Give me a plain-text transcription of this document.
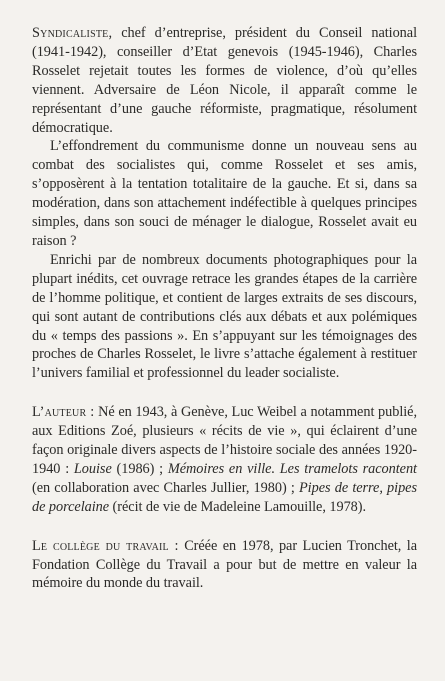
Syndicaliste, chef d’entreprise, président du Conseil national (1941-1942), conseiller d’Etat genevois (1945-1946), Charles Rosselet rejetait toutes les formes de violence, d’où qu’elles viennent. Adversaire de Léon Nicole, il apparaît comme le représentant d’une gauche réformiste, pragmatique, résolument démocratique.

L’effondrement du communisme donne un nouveau sens au combat des socialistes qui, comme Rosselet et ses amis, s’opposèrent à la tentation totalitaire de la gauche. Et si, dans sa modération, dans son attachement indéfectible à quelques principes simples, dans son souci de ménager le dialogue, Rosselet avait eu raison ?

Enrichi par de nombreux documents photographiques pour la plupart inédits, cet ouvrage retrace les grandes étapes de la carrière de l’homme politique, et contient de larges extraits de ses discours, qui sont autant de contributions clés aux débats et aux polémiques du « temps des passions ». En s’appuyant sur les témoignages des proches de Charles Rosselet, le livre s’attache également à restituer l’univers familial et professionnel du leader socialiste.

L’auteur : Né en 1943, à Genève, Luc Weibel a notamment publié, aux Editions Zoé, plusieurs « récits de vie », qui éclairent d’une façon originale divers aspects de l’histoire sociale des années 1920-1940 : Louise (1986) ; Mémoires en ville. Les tramelots racontent (en collaboration avec Charles Jullier, 1980) ; Pipes de terre, pipes de porcelaine (récit de vie de Madeleine Lamouille, 1978).

Le collège du travail : Créée en 1978, par Lucien Tronchet, la Fondation Collège du Travail a pour but de mettre en valeur la mémoire du monde du travail.
